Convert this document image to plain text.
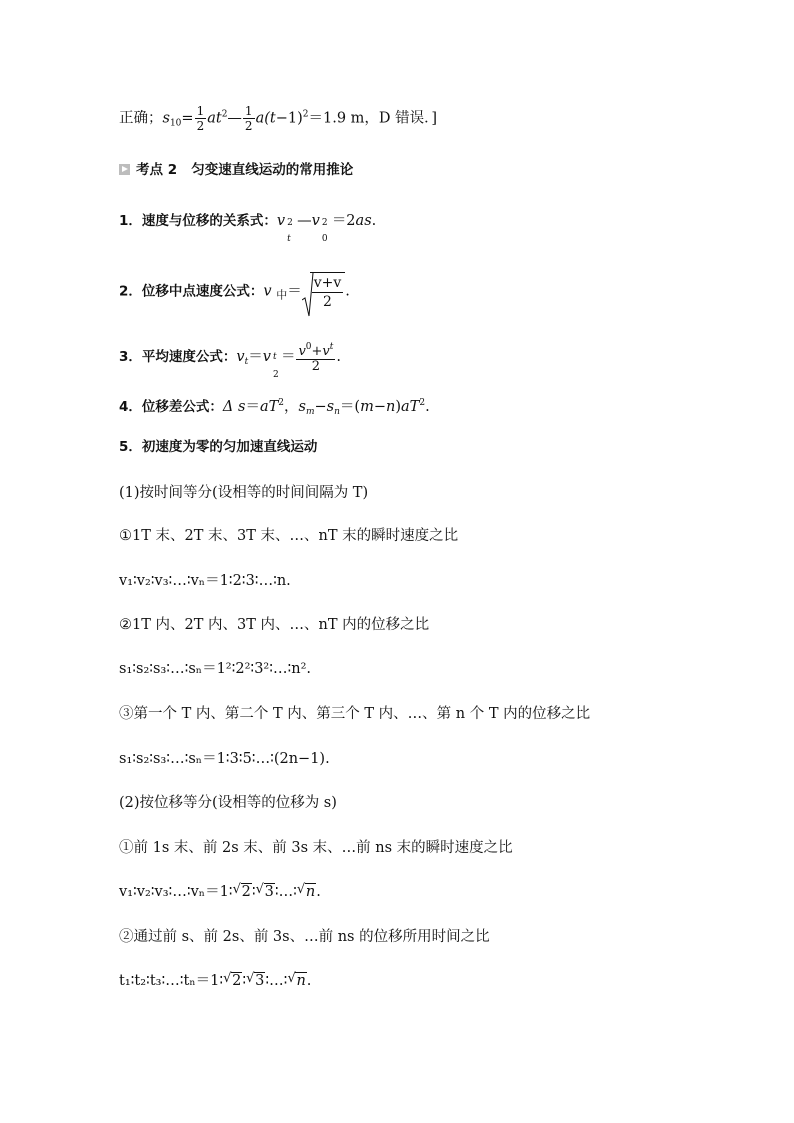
正确；$s_{10}= \frac{1}{2}$ $at^2— \frac{1}{2} a(t-1)^2=1.9$ m，D 错误．]
考点 2 匀变速直线运动的常用推论
1．速度与位移的关系式：v 2
t
—v 2
0
＝2as.
2．位移中点速度公式：v $_中= \frac{v+v}{2}$ .
3．平均速度公式：$v_t=v$ t
2
＝ $\frac{v^0+v^t}{2}$ .
4．位移差公式：Δ $s=aT^2$，$s_m-s_n=(m-n)aT^2$.
5．初速度为零的匀加速直线运动
(1)按时间等分(设相等的时间间隔为 T)
①1T 末、2T 末、3T 末、…、nT 末的瞬时速度之比
v₁∶v₂∶v₃∶…∶vₙ＝1∶2∶3∶…∶n.
②1T 内、2T 内、3T 内、…、nT 内的位移之比
s₁∶s₂∶s₃∶…∶sₙ＝1²∶2²∶3²∶…∶n².
③第一个 T 内、第二个 T 内、第三个 T 内、…、第 n 个 T 内的位移之比
s₁∶s₂∶s₃∶…∶sₙ＝1∶3∶5∶…∶(2n−1).
(2)按位移等分(设相等的位移为 s)
①前 1s 末、前 2s 末、前 3s 末、…前 ns 末的瞬时速度之比
v₁∶v₂∶v₃∶…∶vₙ＝1∶ √ 2∶ √ 3∶…∶ √ n.
②通过前 s、前 2s、前 3s、…前 ns 的位移所用时间之比
t₁∶t₂∶t₃∶…∶tₙ＝1∶ √ 2∶ √ 3∶…∶ √ n.
